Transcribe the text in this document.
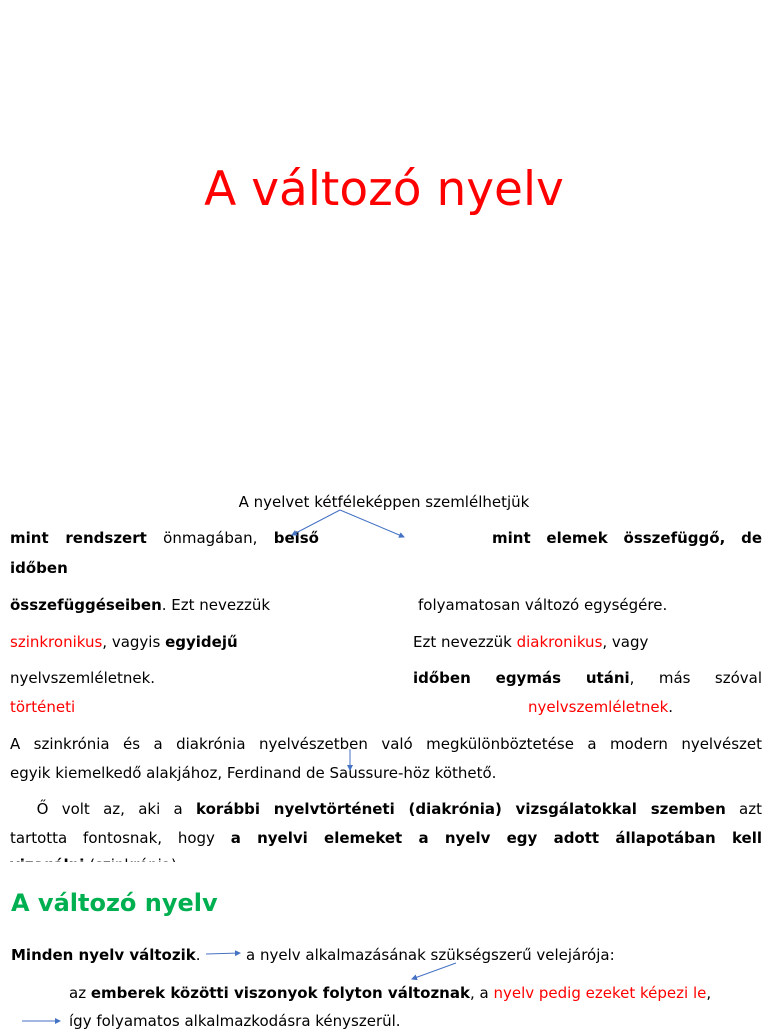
A változó nyelv
A nyelvet kétféleképpen szemlélhetjük
mint rendszert önmagában, belső
időben
összefüggéseiben. Ezt nevezzük
szinkronikus, vagyis egyidejű
nyelvszemléletnek.
történeti
mint elemek összefüggő, de
folyamatosan változó egységére.
Ezt nevezzük diakronikus, vagy
időben egymás utáni, más szóval
nyelvszemléletnek.
A szinkrónia és a diakrónia nyelvészetben való megkülönböztetése a modern nyelvészet
egyik kiemelkedő alakjához, Ferdinand de Saussure-höz köthető.
Ő volt az, aki a korábbi nyelvtörténeti (diakrónia) vizsgálatokkal szemben azt
tartotta fontosnak, hogy a nyelvi elemeket a nyelv egy adott állapotában kell
A változó nyelv
Minden nyelv változik.	a nyelv alkalmazásának szükségszerű velejárója:
az emberek közötti viszonyok folyton változnak, a nyelv pedig ezeket képezi le,
így folyamatos alkalmazkodásra kényszerül.
